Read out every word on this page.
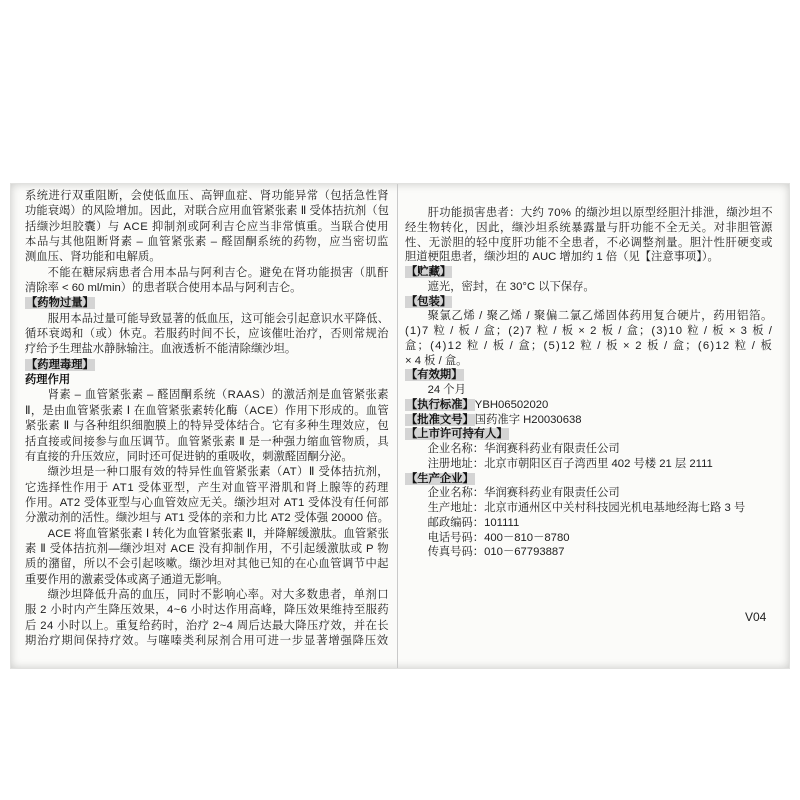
系统进行双重阻断，会使低血压、高钾血症、肾功能异常（包括急性肾
功能衰竭）的风险增加。因此，对联合应用血管紧张素 Ⅱ 受体拮抗剂（包
括缬沙坦胶囊）与 ACE 抑制剂或阿利吉仑应当非常慎重。当联合使用
本品与其他阻断肾素 – 血管紧张素 – 醛固酮系统的药物，应当密切监
测血压、肾功能和电解质。
不能在糖尿病患者合用本品与阿利吉仑。避免在肾功能损害（肌酐
清除率 < 60 ml/min）的患者联合使用本品与阿利吉仑。
【药物过量】
服用本品过量可能导致显著的低血压，这可能会引起意识水平降低、
循环衰竭和（或）休克。若服药时间不长，应该催吐治疗，否则常规治
疗给予生理盐水静脉输注。血液透析不能清除缬沙坦。
【药理毒理】
药理作用
肾素 – 血管紧张素 – 醛固酮系统（RAAS）的激活剂是血管紧张素
Ⅱ，是由血管紧张素 Ⅰ 在血管紧张素转化酶（ACE）作用下形成的。血管
紧张素 Ⅱ 与各种组织细胞膜上的特异受体结合。它有多种生理效应，包
括直接或间接参与血压调节。血管紧张素 Ⅱ 是一种强力缩血管物质，具
有直接的升压效应，同时还可促进钠的重吸收，刺激醛固酮分泌。
缬沙坦是一种口服有效的特异性血管紧张素（AT）Ⅱ 受体拮抗剂，
它选择性作用于 AT1 受体亚型，产生对血管平滑肌和肾上腺等的药理
作用。AT2 受体亚型与心血管效应无关。缬沙坦对 AT1 受体没有任何部
分激动剂的活性。缬沙坦与 AT1 受体的亲和力比 AT2 受体强 20000 倍。
ACE 将血管紧张素 Ⅰ 转化为血管紧张素 Ⅱ，并降解缓激肽。血管紧张
素 Ⅱ 受体拮抗剂—缬沙坦对 ACE 没有抑制作用，不引起缓激肽或 P 物
质的潴留，所以不会引起咳嗽。缬沙坦对其他已知的在心血管调节中起
重要作用的激素受体或离子通道无影响。
缬沙坦降低升高的血压，同时不影响心率。对大多数患者，单剂口
服 2 小时内产生降压效果，4~6 小时达作用高峰，降压效果维持至服药
后 24 小时以上。重复给药时，治疗 2~4 周后达最大降压疗效，并在长
期治疗期间保持疗效。与噻嗪类利尿剂合用可进一步显著增强降压效
肝功能损害患者：大约 70% 的缬沙坦以原型经胆汁排泄，缬沙坦不
经生物转化，因此，缬沙坦系统暴露量与肝功能不全无关。对非胆管源
性、无淤胆的轻中度肝功能不全患者，不必调整剂量。胆汁性肝硬变或
胆道梗阻患者，缬沙坦的 AUC 增加约 1 倍（见【注意事项】）。
【贮藏】
遮光，密封，在 30°C 以下保存。
【包装】
聚氯乙烯 / 聚乙烯 / 聚偏二氯乙烯固体药用复合硬片，药用铝箔。
(1)7 粒 / 板 / 盒；(2)7 粒 / 板 × 2 板 / 盒；(3)10 粒 / 板 × 3 板 /
盒；(4)12 粒 / 板 / 盒；(5)12 粒 / 板 × 2 板 / 盒；(6)12 粒 / 板
× 4 板 / 盒。
【有效期】
24 个月
【执行标准】YBH06502020
【批准文号】国药准字 H20030638
【上市许可持有人】
企业名称：华润赛科药业有限责任公司
注册地址：北京市朝阳区百子湾西里 402 号楼 21 层 2111
【生产企业】
企业名称：华润赛科药业有限责任公司
生产地址：北京市通州区中关村科技园光机电基地经海七路 3 号
邮政编码：101111
电话号码：400－810－8780
传真号码：010－67793887
V04
